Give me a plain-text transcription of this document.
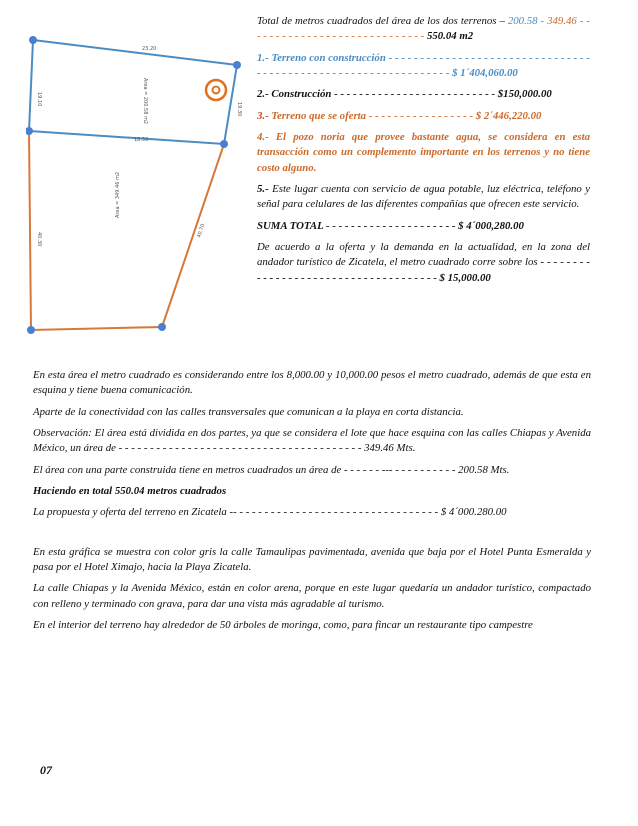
23.20
18.50
19.30
19.10
40.30
40.70
Area = 200.58 m2
Area = 349.46 m2

Total de metros cuadrados del área de los dos terrenos – 200.58 - 349.46 - - - - - - - - - - - - - - - - - - - - - - - - - - - - - 550.04 m2

1.- Terreno con construcción - - - - - - - - - - - - - - - - - - - - - - - - - - - - - - - - - - - - - - - - - - - - - - - - - - - - - - - - - - - - - - - $ 1´404,060.00

2.- Construcción - - - - - - - - - - - - - - - - - - - - - - - - - - $150,000.00

3.- Terreno que se oferta - - - - - - - - - - - - - - - - - $ 2´446,220.00

4.- El pozo noria que provee bastante agua, se considera en esta transacción como un complemento importante en los terrenos y no tiene costo alguno.

5.- Este lugar cuenta con servicio de agua potable, luz eléctrica, teléfono y señal para celulares de las diferentes compañías que ofrecen este servicio.

SUMA TOTAL - - - - - - - - - - - - - - - - - - - - - $ 4´000,280.00

De acuerdo a la oferta y la demanda en la actualidad, en la zona del andador turístico de Zicatela, el metro cuadrado corre sobre los - - - - - - - - - - - - - - - - - - - - - - - - - - - - - - - - - - - - - $ 15,000.00

En esta área el metro cuadrado es considerando entre los 8,000.00 y 10,000.00 pesos el metro cuadrado, además de que esta en esquina y tiene buena comunicación.

Aparte de la conectividad con las calles transversales que comunican a la playa en corta distancia.

Observación: El área está dividida en dos partes, ya que se considera el lote que hace esquina con las calles Chiapas y Avenida México, un área de - - - - - - - - - - - - - - - - - - - - - - - - - - - - - - - - - - - - - - - 349.46 Mts.

El área con una parte construida tiene en metros cuadrados un área de - - - - - - --- - - - - - - - - - - 200.58 Mts.

Haciendo en total 550.04 metros cuadrados

La propuesta y oferta del terreno en Zicatela -- - - - - - - - - - - - - - - - - - - - - - - - - - - - - - - - - $ 4´000.280.00

En esta gráfica se muestra con color gris la calle Tamaulipas pavimentada, avenida que baja por el Hotel Punta Esmeralda y pasa por el Hotel Ximajo, hacia la Playa Zicatela.

La calle Chiapas y la Avenida México, están en color arena, porque en este lugar quedaría un andador turístico, compactado con relleno y terminado con grava, para dar una vista más agradable al turismo.

En el interior del terreno hay alrededor de 50 árboles de moringa, como, para fincar un restaurante tipo campestre

07
